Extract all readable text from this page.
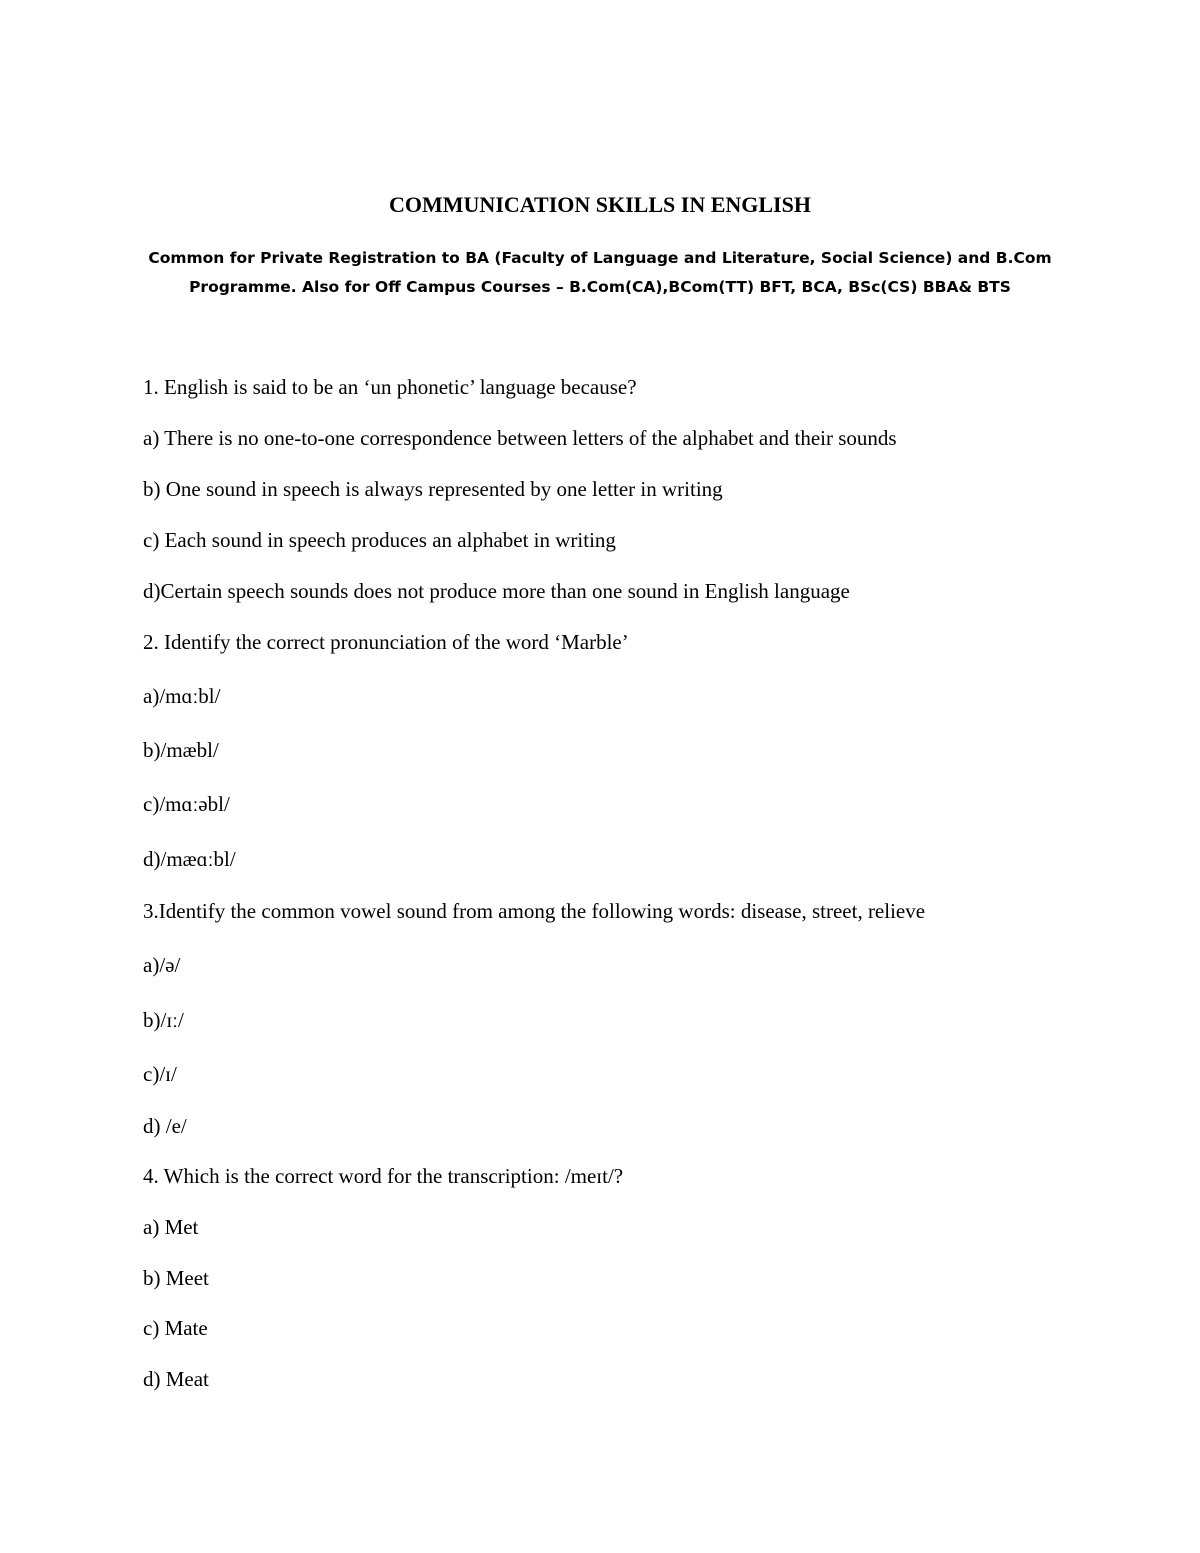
COMMUNICATION SKILLS IN ENGLISH
Common for Private Registration to BA (Faculty of Language and Literature, Social Science) and B.Com
Programme. Also for Off Campus Courses – B.Com(CA),BCom(TT) BFT, BCA, BSc(CS) BBA& BTS
1. English is said to be an ‘un phonetic’ language because?
a) There is no one-to-one correspondence between letters of the alphabet and their sounds
b) One sound in speech is always represented by one letter in writing
c) Each sound in speech produces an alphabet in writing
d)Certain speech sounds does not produce more than one sound in English language
2. Identify the correct pronunciation of the word ‘Marble’
a)/mɑːbl/
b)/mæbl/
c)/mɑːəbl/
d)/mæɑːbl/
3.Identify the common vowel sound from among the following words: disease, street, relieve
a)/ə/
b)/ɪː/
c)/ɪ/
d) /e/
4. Which is the correct word for the transcription: /meɪt/?
a) Met
b) Meet
c) Mate
d) Meat
